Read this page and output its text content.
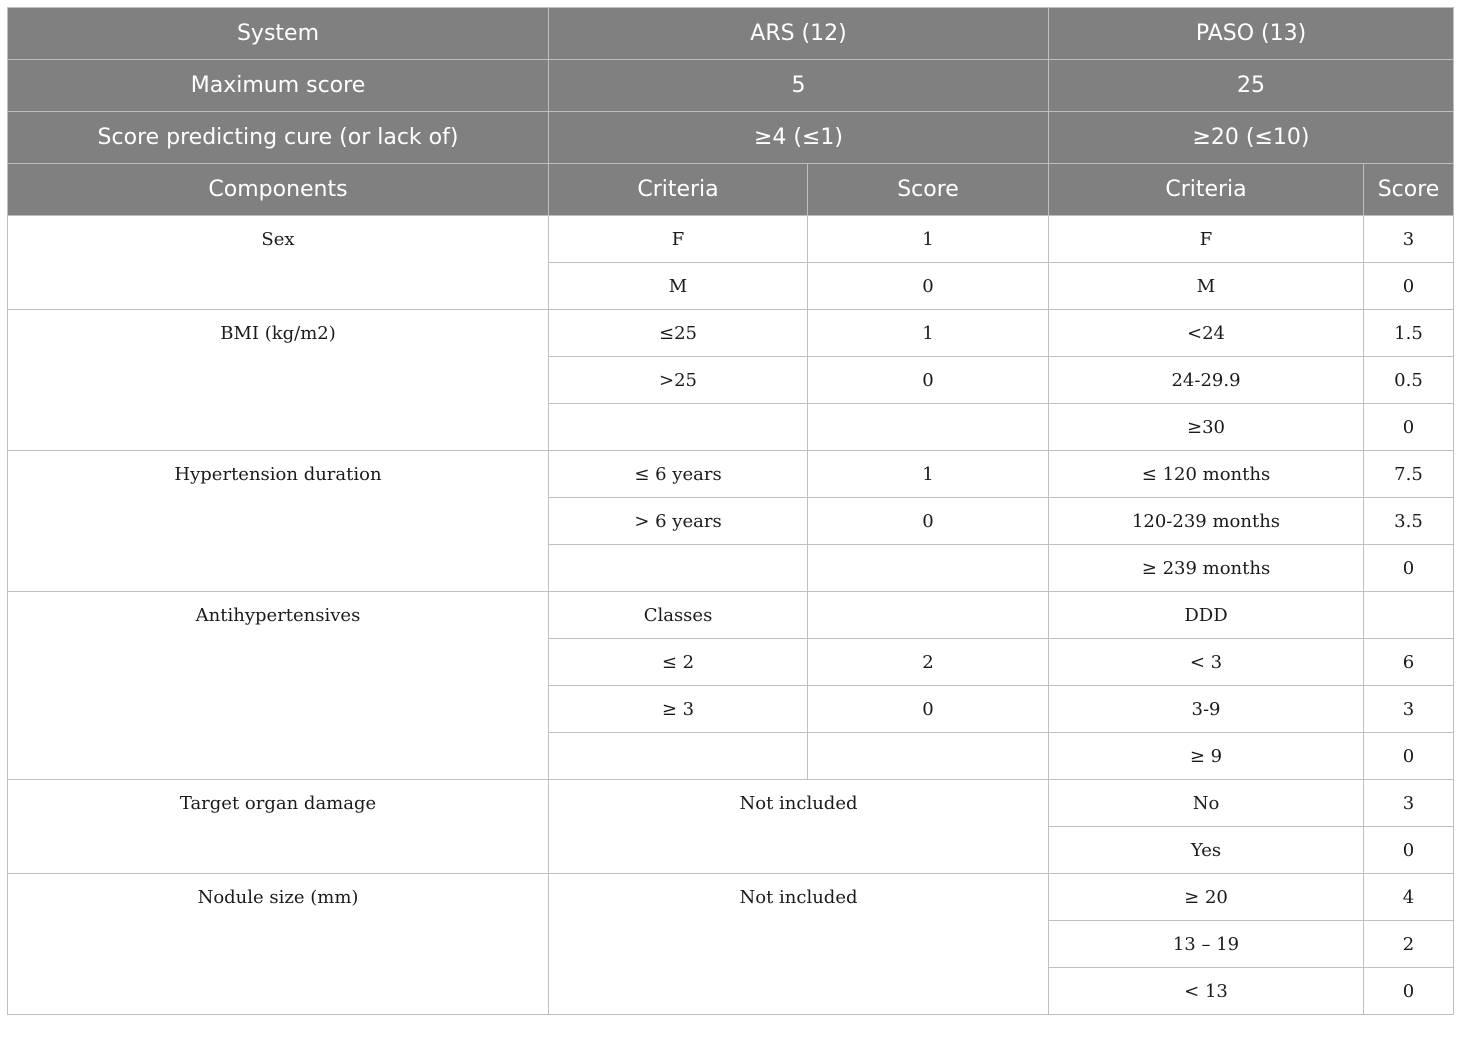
System	ARS (12)		PASO (13)	
Maximum score	5		25	
Score predicting cure (or lack of)	≥4 (≤1)		≥20 (≤10)	
Components	Criteria	Score	Criteria	Score
Sex	F	1	F	3
	M	0	M	0
BMI (kg/m2)	≤25	1	<24	1.5
	>25	0	24-29.9	0.5
			≥30	0
Hypertension duration	≤ 6 years	1	≤ 120 months	7.5
	> 6 years	0	120-239 months	3.5
			≥ 239 months	0
Antihypertensives	Classes		DDD	
	≤ 2	2	< 3	6
	≥ 3	0	3-9	3
			≥ 9	0
Target organ damage	Not included		No	3
			Yes	0
Nodule size (mm)	Not included		≥ 20	4
			13 – 19	2
			< 13	0
